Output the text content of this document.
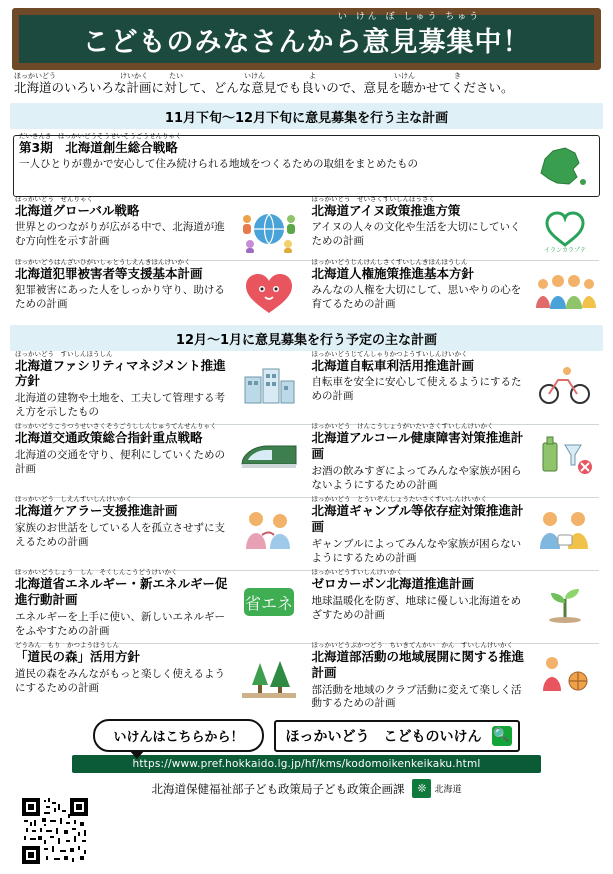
い けん ぼ しゅう ちゅう
こどものみなさんから意見募集中！
ほっかいどう	けいかく	たい	いけん	よ	いけん	き
北海道のいろいろな計画に対して、どんな意見でも良いので、意見を聴かせてください。
11月下旬〜12月下旬に意見募集を行う主な計画
だいさんき　ほっかいどうそうせいそうごうせんりゃく
第3期　北海道創生総合戦略
一人ひとりが豊かで安心して住み続けられる地域をつくるための取組をまとめたもの
ほっかいどう　せんりゃく
北海道グローバル戦略
世界とのつながりが広がる中で、北海道が進む方向性を示す計画
ほっかいどう　せいさくすいしんほうさく
北海道アイヌ政策推進方策
アイヌの人々の文化や生活を大切にしていくための計画
イランカラプテ
ほっかいどうはんざいひがいしゃとうしえんきほんけいかく
北海道犯罪被害者等支援基本計画
犯罪被害にあった人をしっかり守り、助けるための計画
ほっかいどうじんけんしさくすいしんきほんほうしん
北海道人権施策推進基本方針
みんなの人権を大切にして、思いやりの心を育てるための計画
12月〜1月に意見募集を行う予定の主な計画
ほっかいどう　すいしんほうしん
北海道ファシリティマネジメント推進方針
北海道の建物や土地を、工夫して管理する考え方を示したもの
ほっかいどうじてんしゃりかつようすいしんけいかく
北海道自転車利活用推進計画
自転車を安全に安心して使えるようにするための計画
ほっかいどうこうつうせいさくそうごうししんじゅうてんせんりゃく
北海道交通政策総合指針重点戦略
北海道の交通を守り、便利にしていくための計画
ほっかいどう　けんこうしょうがいたいさくすいしんけいかく
北海道アルコール健康障害対策推進計画
お酒の飲みすぎによってみんなや家族が困らないようにするための計画
ほっかいどう　しえんすいしんけいかく
北海道ケアラー支援推進計画
家族のお世話をしている人を孤立させずに支えるための計画
ほっかいどう　とういぞんしょうたいさくすいしんけいかく
北海道ギャンブル等依存症対策推進計画
ギャンブルによってみんなや家族が困らないようにするための計画
ほっかいどうしょう　しん　そくしんこうどうけいかく
北海道省エネルギー・新エネルギー促進行動計画
エネルギーを上手に使い、新しいエネルギーをふやすための計画
省エネ
ほっかいどうすいしんけいかく
ゼロカーボン北海道推進計画
地球温暖化を防ぎ、地球に優しい北海道をめざすための計画
どうみん　もり　かつようほうしん
「道民の森」活用方針
道民の森をみんながもっと楽しく使えるようにするための計画
ほっかいどうぶかつどう　ちいきてんかい　かん　すいしんけいかく
北海道部活動の地域展開に関する推進計画
部活動を地域のクラブ活動に変えて楽しく活動するための計画
いけんはこちらから！	ほっかいどう　こどものいけん 🔍
https://www.pref.hokkaido.lg.jp/hf/kms/kodomoikenkeikaku.html
北海道保健福祉部子ども政策局子ども政策企画課	❊ 北海道
